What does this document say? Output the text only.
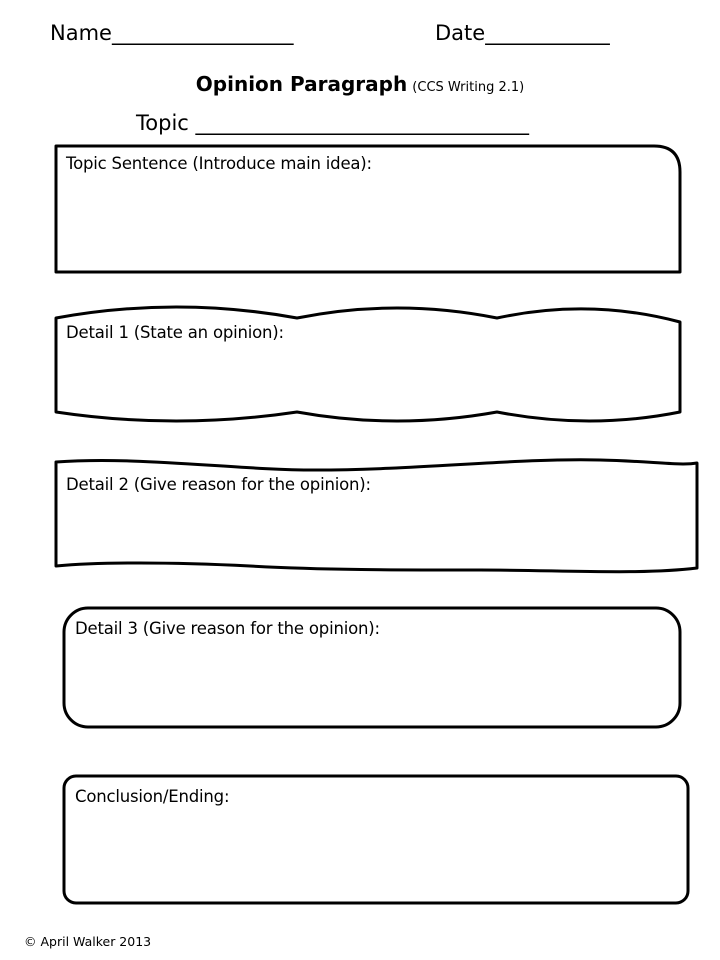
Name___________________	Date_____________
Opinion Paragraph (CCS Writing 2.1)
Topic ___________________________________
Topic Sentence (Introduce main idea):
Detail 1 (State an opinion):
Detail 2 (Give reason for the opinion):
Detail 3 (Give reason for the opinion):
Conclusion/Ending:
© April Walker 2013
